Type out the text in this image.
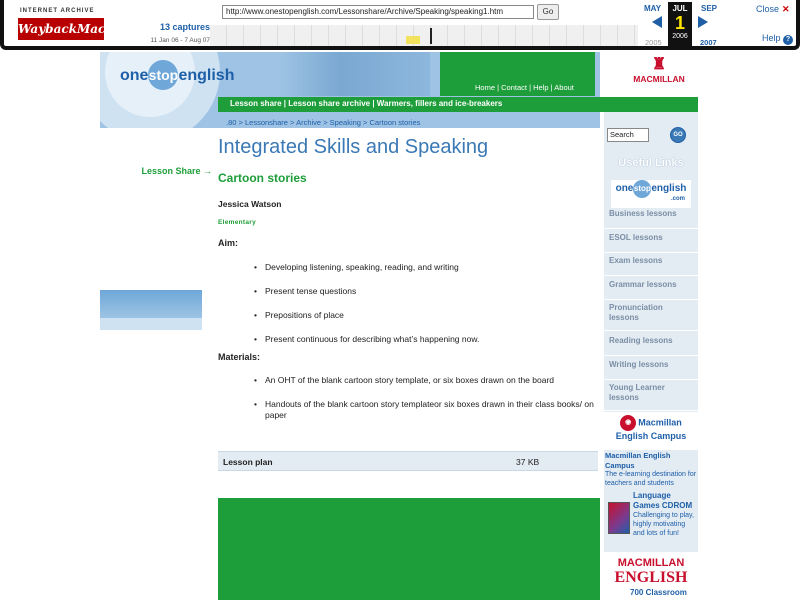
INTERNET ARCHIVE
WaybackMachine	13 captures
11 Jan 06 - 7 Aug 07
http://www.onestopenglish.com/Lessonshare/Archive/Speaking/speaking1.htm	Go	MAY	SEP
JUL
1
2006
2005	2007
Close ✕
Help ?
onestopenglish
Home | Contact | Help | About
♜
MACMILLAN
Lesson share | Lesson share archive | Warmers, fillers and ice-breakers
Lesson Share →
.80 > Lessonshare > Archive > Speaking > Cartoon stories
Integrated Skills and Speaking
Cartoon stories
Jessica Watson
Elementary
Aim:
• Developing listening, speaking, reading, and writing
• Present tense questions
• Prepositions of place
• Present continuous for describing what’s happening now.
Materials:
• An OHT of the blank cartoon story template, or six boxes drawn on the board
• Handouts of the blank cartoon story templateor six boxes drawn in their class books/ on paper
Lesson plan	37 KB
Search	GO
Useful Links
onestopenglish
.com
Business lessons
ESOL lessons
Exam lessons
Grammar lessons
Pronunciation lessons
Reading lessons
Writing lessons
Young Learner lessons
◉ Macmillan English Campus
Macmillan English Campus
The e-learning destination for teachers and students
Language Games CDROM
Challenging to play, highly motivating and lots of fun!
MACMILLAN
ENGLISH
700 Classroom
